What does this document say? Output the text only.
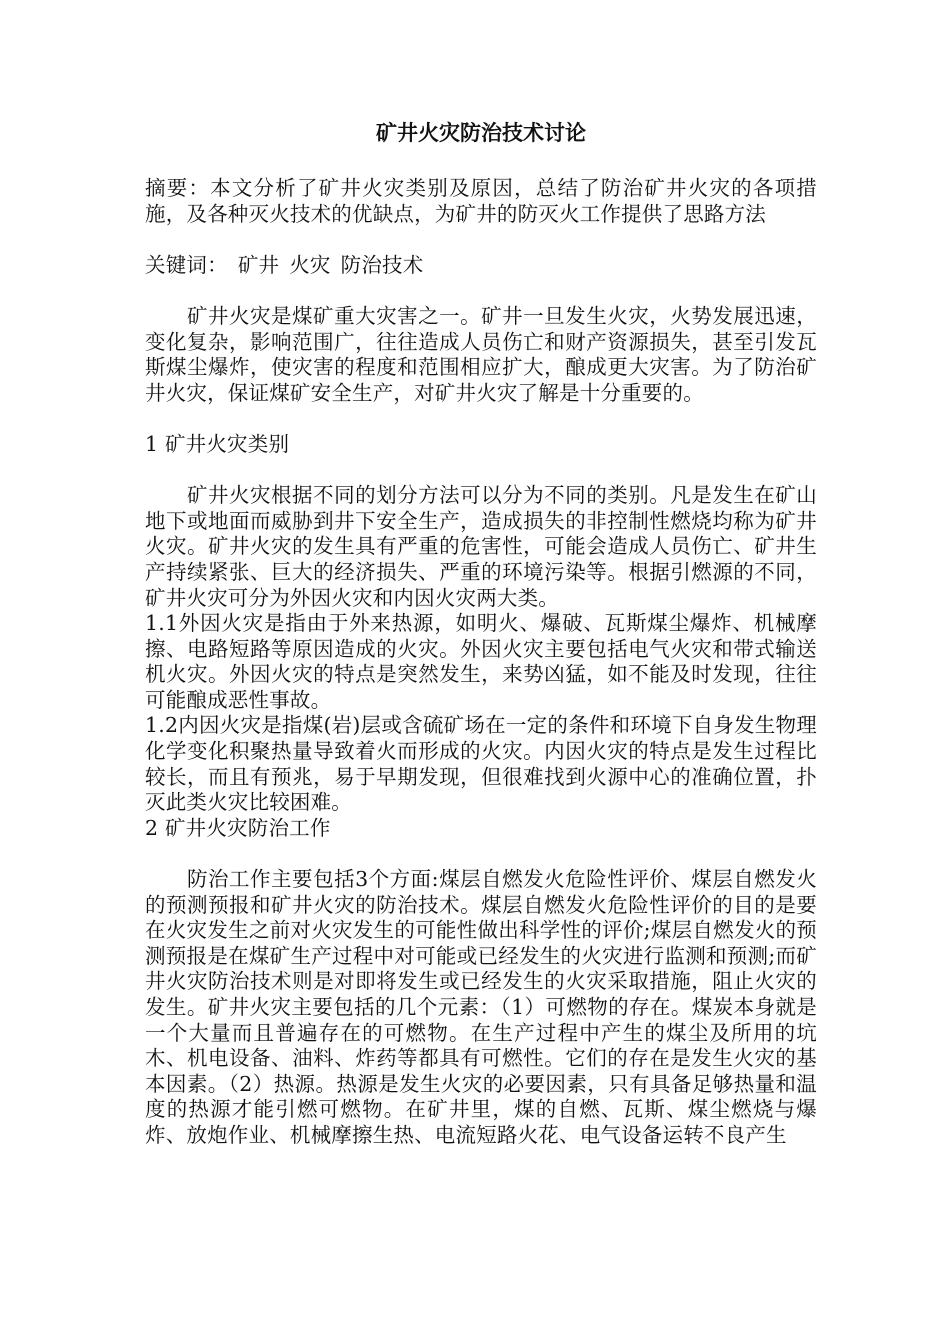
矿井火灾防治技术讨论

摘要：本文分析了矿井火灾类别及原因，总结了防治矿井火灾的各项措施，及各种灭火技术的优缺点，为矿井的防灭火工作提供了思路方法

关键词： 矿井 火灾 防治技术

矿井火灾是煤矿重大灾害之一。矿井一旦发生火灾，火势发展迅速，变化复杂，影响范围广，往往造成人员伤亡和财产资源损失，甚至引发瓦斯煤尘爆炸，使灾害的程度和范围相应扩大，酿成更大灾害。为了防治矿井火灾，保证煤矿安全生产，对矿井火灾了解是十分重要的。

1 矿井火灾类别

矿井火灾根据不同的划分方法可以分为不同的类别。凡是发生在矿山地下或地面而威胁到井下安全生产，造成损失的非控制性燃烧均称为矿井火灾。矿井火灾的发生具有严重的危害性，可能会造成人员伤亡、矿井生产持续紧张、巨大的经济损失、严重的环境污染等。根据引燃源的不同，矿井火灾可分为外因火灾和内因火灾两大类。

1.1外因火灾是指由于外来热源，如明火、爆破、瓦斯煤尘爆炸、机械摩擦、电路短路等原因造成的火灾。外因火灾主要包括电气火灾和带式输送机火灾。外因火灾的特点是突然发生，来势凶猛，如不能及时发现，往往可能酿成恶性事故。

1.2内因火灾是指煤(岩)层或含硫矿场在一定的条件和环境下自身发生物理化学变化积聚热量导致着火而形成的火灾。内因火灾的特点是发生过程比较长，而且有预兆，易于早期发现，但很难找到火源中心的准确位置，扑灭此类火灾比较困难。

2 矿井火灾防治工作

防治工作主要包括3个方面:煤层自燃发火危险性评价、煤层自燃发火的预测预报和矿井火灾的防治技术。煤层自燃发火危险性评价的目的是要在火灾发生之前对火灾发生的可能性做出科学性的评价;煤层自燃发火的预测预报是在煤矿生产过程中对可能或已经发生的火灾进行监测和预测;而矿井火灾防治技术则是对即将发生或已经发生的火灾采取措施，阻止火灾的发生。矿井火灾主要包括的几个元素：（1）可燃物的存在。煤炭本身就是一个大量而且普遍存在的可燃物。在生产过程中产生的煤尘及所用的坑木、机电设备、油料、炸药等都具有可燃性。它们的存在是发生火灾的基本因素。（2）热源。热源是发生火灾的必要因素，只有具备足够热量和温度的热源才能引燃可燃物。在矿井里，煤的自燃、瓦斯、煤尘燃烧与爆炸、放炮作业、机械摩擦生热、电流短路火花、电气设备运转不良产生
